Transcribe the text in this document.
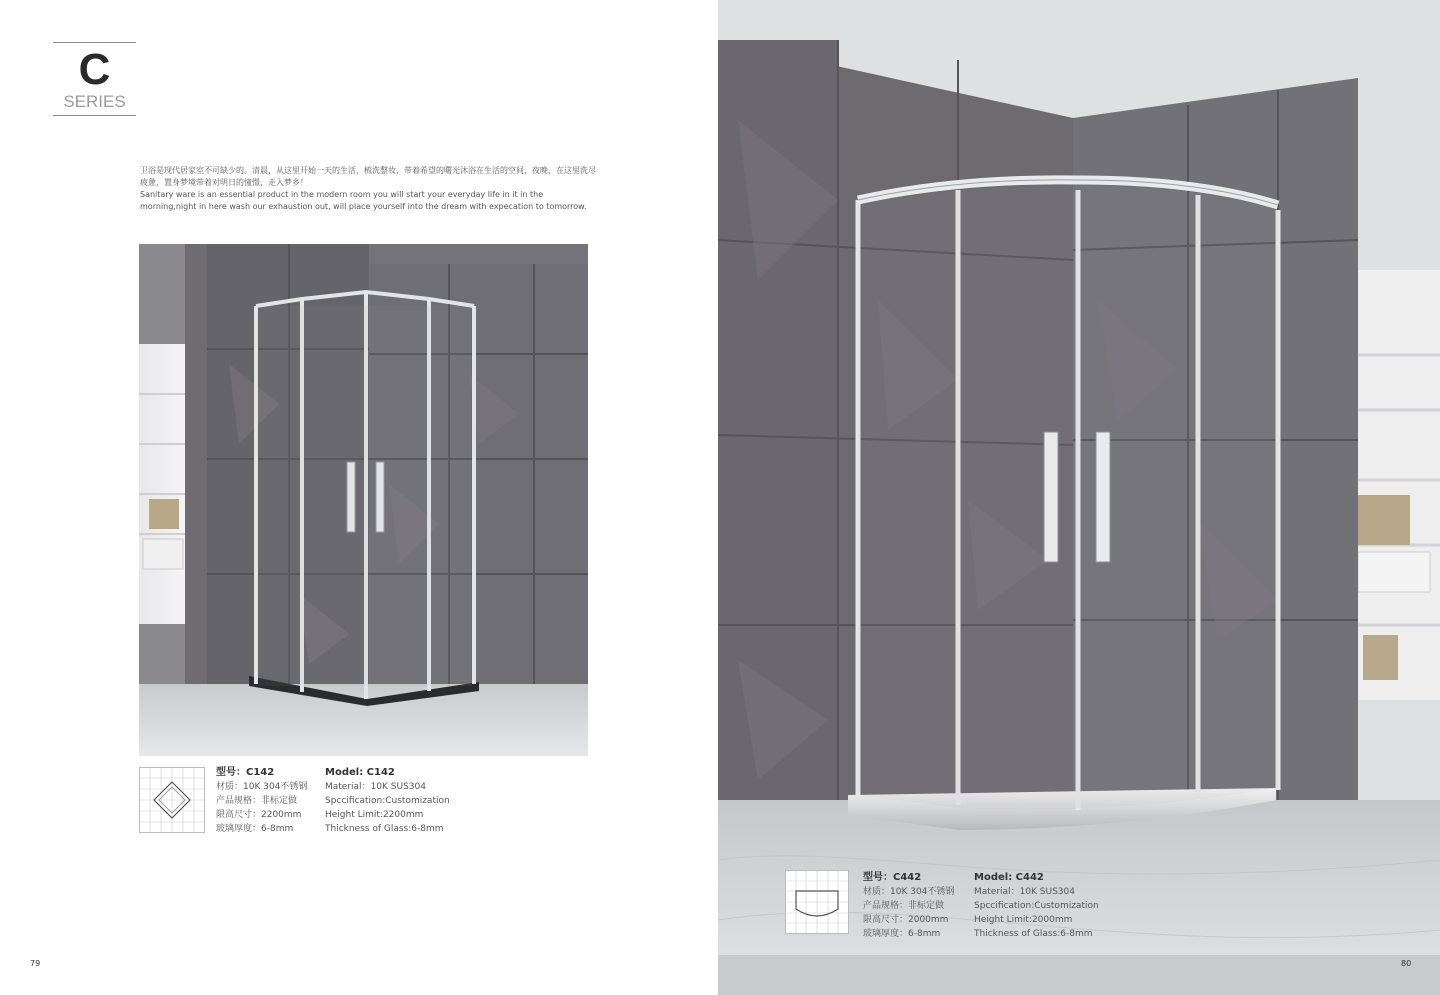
C
SERIES

卫浴是现代居家室不可缺少的。清晨，从这里开始一天的生活，梳洗整妆，带着希望的曙光沐浴在生活的空间，夜晚，在这里洗尽疲惫，置身梦境带着对明日的憧憬，走入梦乡！

Sanitary ware is an essential product in the modern room you will start your everyday life in it in the

morning,night in here wash our exhaustion out, will place yourself into the dream with expecation to tomorrow.

型号：C142
材质：10K 304不锈钢
产品规格：非标定做
限高尺寸：2200mm
玻璃厚度：6-8mm
Model: C142
Material：10K SUS304
Spccification:Customization
Height Limit:2200mm
Thickness of Glass:6-8mm
79
型号：C442
材质：10K 304不锈钢
产品规格：非标定做
限高尺寸：2000mm
玻璃厚度：6-8mm
Model: C442
Material：10K SUS304
Spccification:Customization
Height Limit:2000mm
Thickness of Glass:6-8mm
80
